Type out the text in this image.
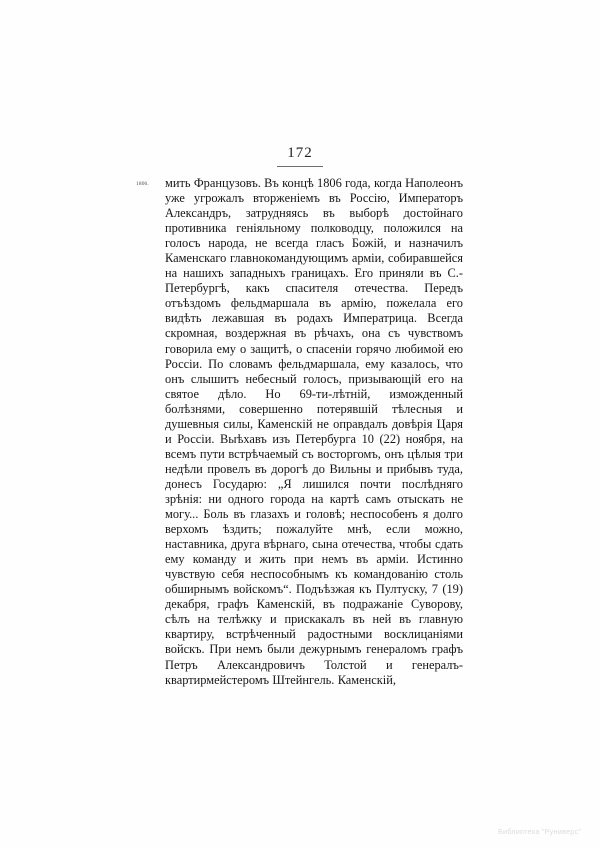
172
1806.	мить Французовъ. Въ концѣ 1806 года, когда Наполеонъ уже угрожалъ вторженіемъ въ Россію, Императоръ Александръ, затрудняясь въ выборѣ достойнаго противника геніяльному полководцу, положился на голосъ народа, не всегда гласъ Божій, и назначилъ Каменскаго главнокомандующимъ арміи, собиравшейся на нашихъ западныхъ границахъ. Его приняли въ С.-Петербургѣ, какъ спасителя отечества. Передъ отъѣздомъ фельдмаршала въ армію, пожелала его видѣть лежавшая въ родахъ Императрица. Всегда скромная, воздержная въ рѣчахъ, она съ чувствомъ говорила ему о защитѣ, о спасеніи горячо любимой ею Россіи. По словамъ фельдмаршала, ему казалось, что онъ слышитъ небесный голосъ, призывающій его на святое дѣло. Но 69-ти-лѣтній, изможденный болѣзнями, совершенно потерявшій тѣлесныя и душевныя силы, Каменскій не оправдалъ довѣрія Царя и Россіи. Выѣхавъ изъ Петербурга 10 (22) ноября, на всемъ пути встрѣчаемый съ восторгомъ, онъ цѣлыя три недѣли провелъ въ дорогѣ до Вильны и прибывъ туда, донесъ Государю: „Я лишился почти послѣдняго зрѣнія: ни одного города на картѣ самъ отыскать не могу... Боль въ глазахъ и головѣ; неспособенъ я долго верхомъ ѣздить; пожалуйте мнѣ, если можно, наставника, друга вѣрнаго, сына отечества, чтобы сдать ему команду и жить при немъ въ арміи. Истинно чувствую себя неспособнымъ къ командованію столь обширнымъ войскомъ“. Подъѣзжая къ Пултуску, 7 (19) декабря, графъ Каменскій, въ подражаніе Суворову, сѣлъ на телѣжку и прискакалъ въ ней въ главную квартиру, встрѣченный радостными восклицаніями войскъ. При немъ были дежурнымъ генераломъ графъ Петръ Александровичъ Толстой и генералъ-квартирмейстеромъ Штейнгель. Каменскій,

Библиотека "Руниверс"
